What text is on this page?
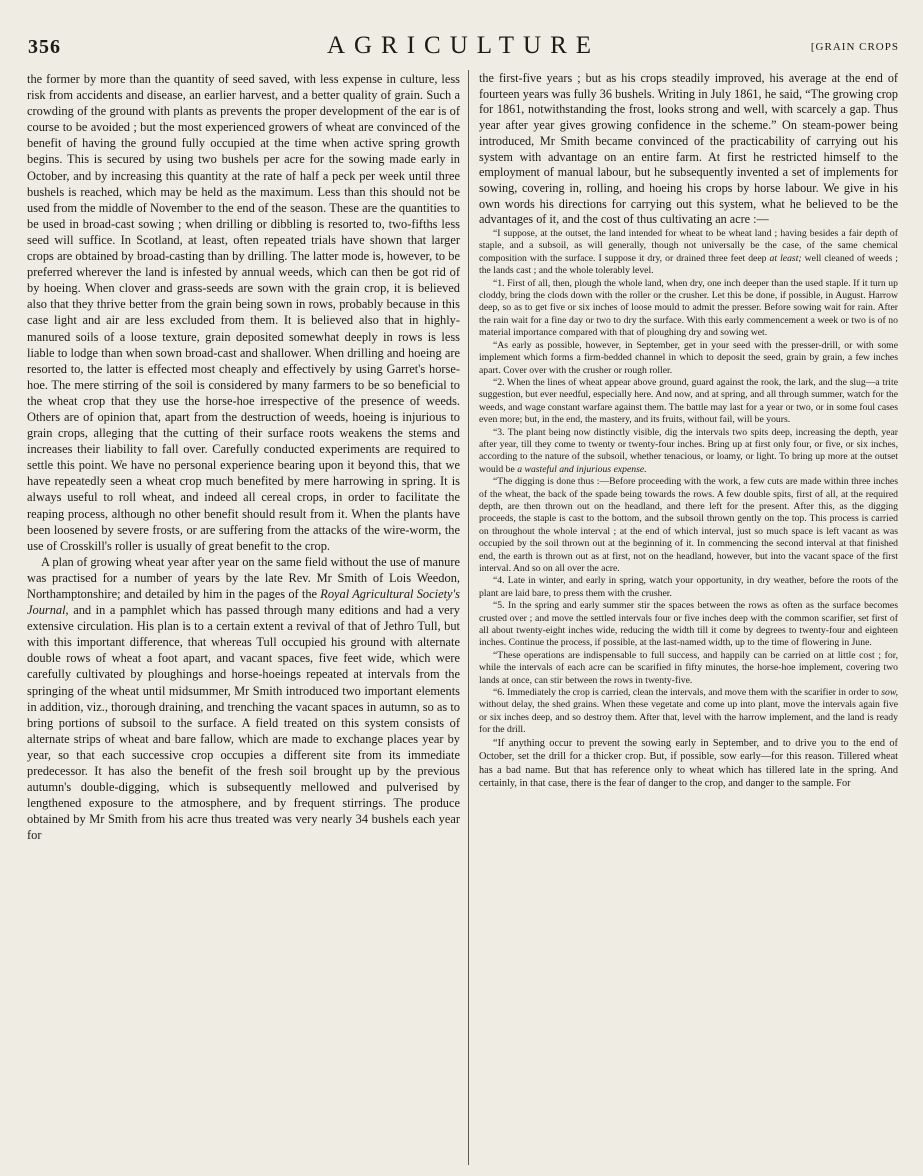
356	AGRICULTURE	[GRAIN CROPS

the former by more than the quantity of seed saved, with less expense in culture, less risk from accidents and disease, an earlier harvest, and a better quality of grain. Such a crowding of the ground with plants as prevents the proper development of the ear is of course to be avoided ; but the most experienced growers of wheat are convinced of the benefit of having the ground fully occupied at the time when active spring growth begins. This is secured by using two bushels per acre for the sowing made early in October, and by increasing this quantity at the rate of half a peck per week until three bushels is reached, which may be held as the maximum. Less than this should not be used from the middle of November to the end of the season. These are the quantities to be used in broad-cast sowing ; when drilling or dibbling is resorted to, two-fifths less seed will suffice. In Scotland, at least, often repeated trials have shown that larger crops are obtained by broad-casting than by drilling. The latter mode is, however, to be preferred wherever the land is infested by annual weeds, which can then be got rid of by hoeing. When clover and grass-seeds are sown with the grain crop, it is believed also that they thrive better from the grain being sown in rows, probably because in this case light and air are less excluded from them. It is believed also that in highly-manured soils of a loose texture, grain deposited somewhat deeply in rows is less liable to lodge than when sown broad-cast and shallower. When drilling and hoeing are resorted to, the latter is effected most cheaply and effectively by using Garret's horse-hoe. The mere stirring of the soil is considered by many farmers to be so beneficial to the wheat crop that they use the horse-hoe irrespective of the presence of weeds. Others are of opinion that, apart from the destruction of weeds, hoeing is injurious to grain crops, alleging that the cutting of their surface roots weakens the stems and increases their liability to fall over. Carefully conducted experiments are required to settle this point. We have no personal experience bearing upon it beyond this, that we have repeatedly seen a wheat crop much benefited by mere harrowing in spring. It is always useful to roll wheat, and indeed all cereal crops, in order to facilitate the reaping process, although no other benefit should result from it. When the plants have been loosened by severe frosts, or are suffering from the attacks of the wire-worm, the use of Crosskill's roller is usually of great benefit to the crop.

A plan of growing wheat year after year on the same field without the use of manure was practised for a number of years by the late Rev. Mr Smith of Lois Weedon, Northamptonshire; and detailed by him in the pages of the Royal Agricultural Society's Journal, and in a pamphlet which has passed through many editions and had a very extensive circulation. His plan is to a certain extent a revival of that of Jethro Tull, but with this important difference, that whereas Tull occupied his ground with alternate double rows of wheat a foot apart, and vacant spaces, five feet wide, which were carefully cultivated by ploughings and horse-hoeings repeated at intervals from the springing of the wheat until midsummer, Mr Smith introduced two important elements in addition, viz., thorough draining, and trenching the vacant spaces in autumn, so as to bring portions of subsoil to the surface. A field treated on this system consists of alternate strips of wheat and bare fallow, which are made to exchange places year by year, so that each successive crop occupies a different site from its immediate predecessor. It has also the benefit of the fresh soil brought up by the previous autumn's double-digging, which is subsequently mellowed and pulverised by lengthened exposure to the atmosphere, and by frequent stirrings. The produce obtained by Mr Smith from his acre thus treated was very nearly 34 bushels each year for

the first-five years ; but as his crops steadily improved, his average at the end of fourteen years was fully 36 bushels. Writing in July 1861, he said, “The growing crop for 1861, notwithstanding the frost, looks strong and well, with scarcely a gap. Thus year after year gives growing confidence in the scheme.” On steam-power being introduced, Mr Smith became convinced of the practicability of carrying out his system with advantage on an entire farm. At first he restricted himself to the employment of manual labour, but he subsequently invented a set of implements for sowing, covering in, rolling, and hoeing his crops by horse labour. We give in his own words his directions for carrying out this system, what he believed to be the advantages of it, and the cost of thus cultivating an acre :—

“I suppose, at the outset, the land intended for wheat to be wheat land ; having besides a fair depth of staple, and a subsoil, as will generally, though not universally be the case, of the same chemical composition with the surface. I suppose it dry, or drained three feet deep at least; well cleaned of weeds ; the lands cast ; and the whole tolerably level.

“1. First of all, then, plough the whole land, when dry, one inch deeper than the used staple. If it turn up cloddy, bring the clods down with the roller or the crusher. Let this be done, if possible, in August. Harrow deep, so as to get five or six inches of loose mould to admit the presser. Before sowing wait for rain. After the rain wait for a fine day or two to dry the surface. With this early commencement a week or two is of no material importance compared with that of ploughing dry and sowing wet.

“As early as possible, however, in September, get in your seed with the presser-drill, or with some implement which forms a firm-bedded channel in which to deposit the seed, grain by grain, a few inches apart. Cover over with the crusher or rough roller.

“2. When the lines of wheat appear above ground, guard against the rook, the lark, and the slug—a trite suggestion, but ever needful, especially here. And now, and at spring, and all through summer, watch for the weeds, and wage constant warfare against them. The battle may last for a year or two, or in some foul cases even more; but, in the end, the mastery, and its fruits, without fail, will be yours.

“3. The plant being now distinctly visible, dig the intervals two spits deep, increasing the depth, year after year, till they come to twenty or twenty-four inches. Bring up at first only four, or five, or six inches, according to the nature of the subsoil, whether tenacious, or loamy, or light. To bring up more at the outset would be a wasteful and injurious expense.

“The digging is done thus :—Before proceeding with the work, a few cuts are made within three inches of the wheat, the back of the spade being towards the rows. A few double spits, first of all, at the required depth, are then thrown out on the headland, and there left for the present. After this, as the digging proceeds, the staple is cast to the bottom, and the subsoil thrown gently on the top. This process is carried on throughout the whole interval ; at the end of which interval, just so much space is left vacant as was occupied by the soil thrown out at the beginning of it. In commencing the second interval at that finished end, the earth is thrown out as at first, not on the headland, however, but into the vacant space of the first interval. And so on all over the acre.

“4. Late in winter, and early in spring, watch your opportunity, in dry weather, before the roots of the plant are laid bare, to press them with the crusher.

“5. In the spring and early summer stir the spaces between the rows as often as the surface becomes crusted over ; and move the settled intervals four or five inches deep with the common scarifier, set first of all about twenty-eight inches wide, reducing the width till it come by degrees to twenty-four and eighteen inches. Continue the process, if possible, at the last-named width, up to the time of flowering in June.

“These operations are indispensable to full success, and happily can be carried on at little cost ; for, while the intervals of each acre can be scarified in fifty minutes, the horse-hoe implement, covering two lands at once, can stir between the rows in twenty-five.

“6. Immediately the crop is carried, clean the intervals, and move them with the scarifier in order to sow, without delay, the shed grains. When these vegetate and come up into plant, move the intervals again five or six inches deep, and so destroy them. After that, level with the harrow implement, and the land is ready for the drill.

“If anything occur to prevent the sowing early in September, and to drive you to the end of October, set the drill for a thicker crop. But, if possible, sow early—for this reason. Tillered wheat has a bad name. But that has reference only to wheat which has tillered late in the spring. And certainly, in that case, there is the fear of danger to the crop, and danger to the sample. For
